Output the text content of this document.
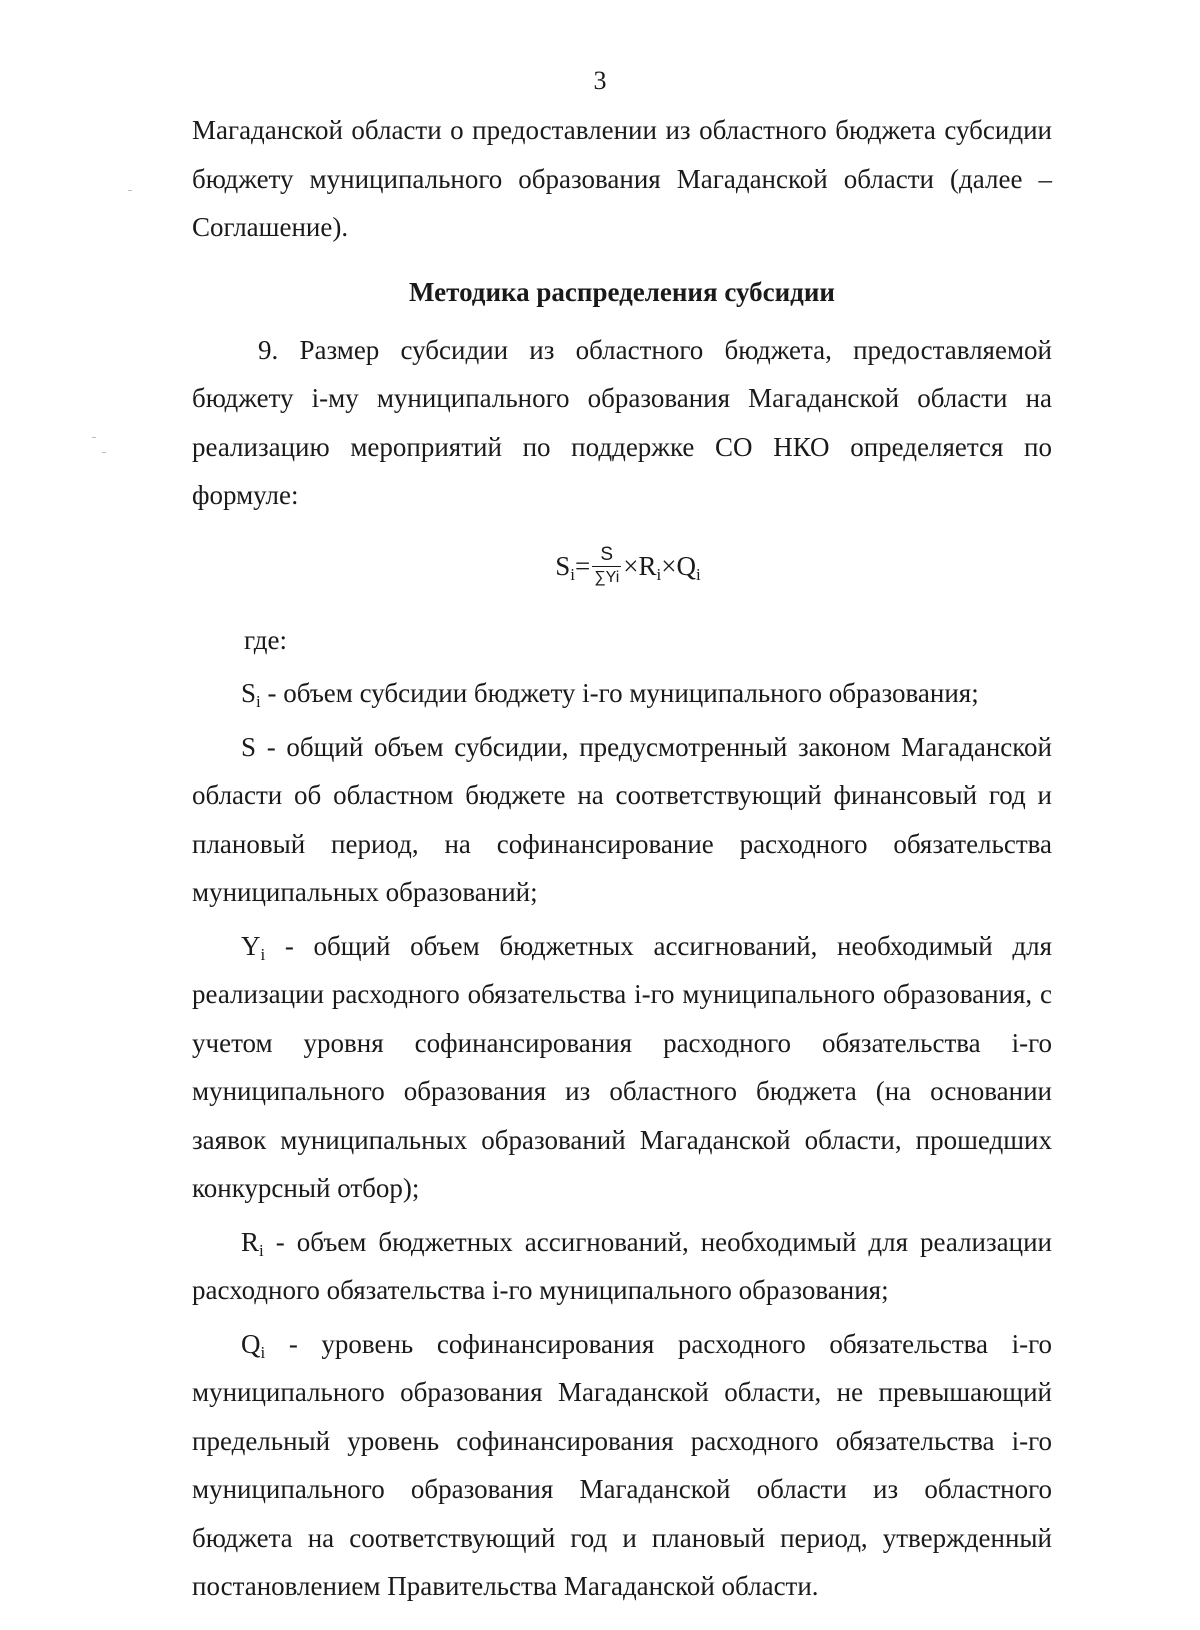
3

Магаданской области о предоставлении из областного бюджета субсидии бюджету муниципального образования Магаданской области (далее – Соглашение).

Методика распределения субсидии

9. Размер субсидии из областного бюджета, предоставляемой бюджету i-му муниципального образования Магаданской области на реализацию мероприятий по поддержке СО НКО определяется по формуле:

$S_i= \frac{S}{\sum Yi} \times R_i\times Q_i$

где:

$S_i$ - объем субсидии бюджету i-го муниципального образования;

S - общий объем субсидии, предусмотренный законом Магаданской области об областном бюджете на соответствующий финансовый год и плановый период, на софинансирование расходного обязательства муниципальных образований;

$Y_i$ - общий объем бюджетных ассигнований, необходимый для реализации расходного обязательства i-го муниципального образования, с учетом уровня софинансирования расходного обязательства i-го муниципального образования из областного бюджета (на основании заявок муниципальных образований Магаданской области, прошедших конкурсный отбор);

$R_i$ - объем бюджетных ассигнований, необходимый для реализации расходного обязательства i-го муниципального образования;

$Q_i$ - уровень софинансирования расходного обязательства i-го муниципального образования Магаданской области, не превышающий предельный уровень софинансирования расходного обязательства i-го муниципального образования Магаданской области из областного бюджета на соответствующий год и плановый период, утвержденный постановлением Правительства Магаданской области.
